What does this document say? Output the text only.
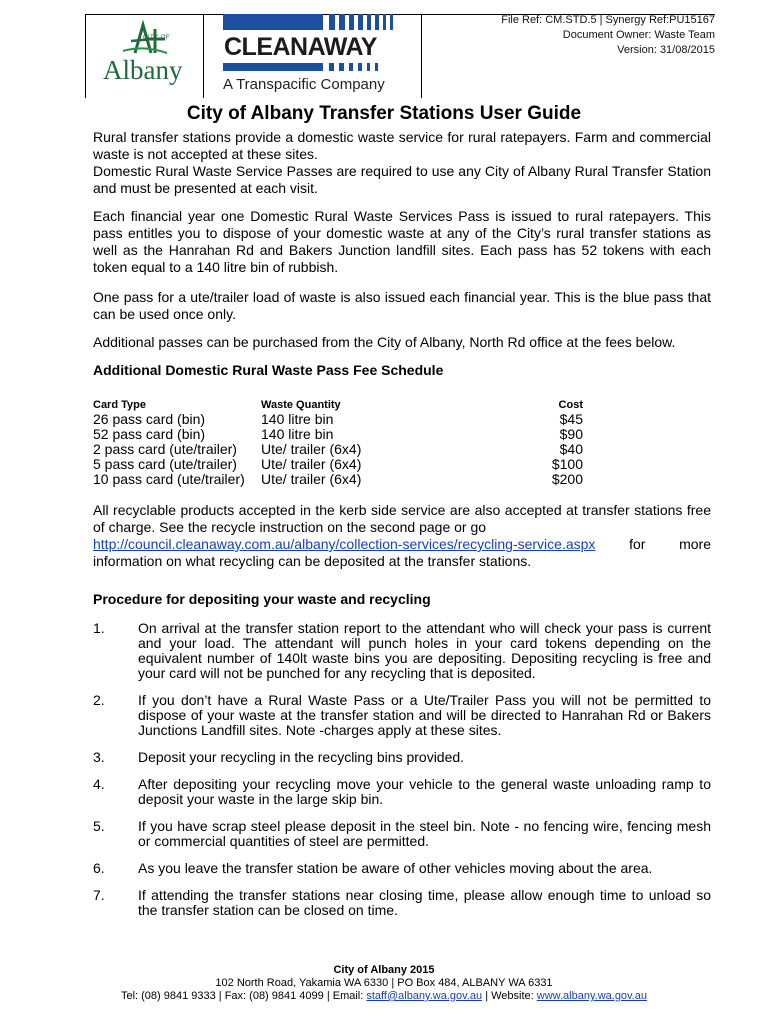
CITY OF
Albany
CLEANAWAY
A Transpacific Company
File Ref: CM.STD.5 | Synergy Ref:PU15167
Document Owner: Waste Team
Version: 31/08/2015
City of Albany Transfer Stations User Guide
Rural transfer stations provide a domestic waste service for rural ratepayers. Farm and commercial waste is not accepted at these sites.
Domestic Rural Waste Service Passes are required to use any City of Albany Rural Transfer Station and must be presented at each visit.
Each financial year one Domestic Rural Waste Services Pass is issued to rural ratepayers. This pass entitles you to dispose of your domestic waste at any of the City’s rural transfer stations as well as the Hanrahan Rd and Bakers Junction landfill sites. Each pass has 52 tokens with each token equal to a 140 litre bin of rubbish.
One pass for a ute/trailer load of waste is also issued each financial year. This is the blue pass that can be used once only.
Additional passes can be purchased from the City of Albany, North Rd office at the fees below.
Additional Domestic Rural Waste Pass Fee Schedule
Card Type	Waste Quantity	Cost
26 pass card (bin)	140 litre bin	$45
52 pass card (bin)	140 litre bin	$90
2 pass card (ute/trailer)	Ute/ trailer (6x4)	$40
5 pass card (ute/trailer)	Ute/ trailer (6x4)	$100
10 pass card (ute/trailer)	Ute/ trailer (6x4)	$200
All recyclable products accepted in the kerb side service are also accepted at transfer stations free of charge. See the recycle instruction on the second page or go
http://council.cleanaway.com.au/albany/collection-services/recycling-service.aspx for more information on what recycling can be deposited at the transfer stations.
Procedure for depositing your waste and recycling
1.	On arrival at the transfer station report to the attendant who will check your pass is current and your load. The attendant will punch holes in your card tokens depending on the equivalent number of 140lt waste bins you are depositing. Depositing recycling is free and your card will not be punched for any recycling that is deposited.
2.	If you don’t have a Rural Waste Pass or a Ute/Trailer Pass you will not be permitted to dispose of your waste at the transfer station and will be directed to Hanrahan Rd or Bakers Junctions Landfill sites. Note -charges apply at these sites.
3.	Deposit your recycling in the recycling bins provided.
4.	After depositing your recycling move your vehicle to the general waste unloading ramp to deposit your waste in the large skip bin.
5.	If you have scrap steel please deposit in the steel bin. Note - no fencing wire, fencing mesh or commercial quantities of steel are permitted.
6.	As you leave the transfer station be aware of other vehicles moving about the area.
7.	If attending the transfer stations near closing time, please allow enough time to unload so the transfer station can be closed on time.
City of Albany 2015
102 North Road, Yakamia WA 6330 | PO Box 484, ALBANY WA 6331
Tel: (08) 9841 9333 | Fax: (08) 9841 4099 | Email: staff@albany.wa.gov.au | Website: www.albany.wa.gov.au
